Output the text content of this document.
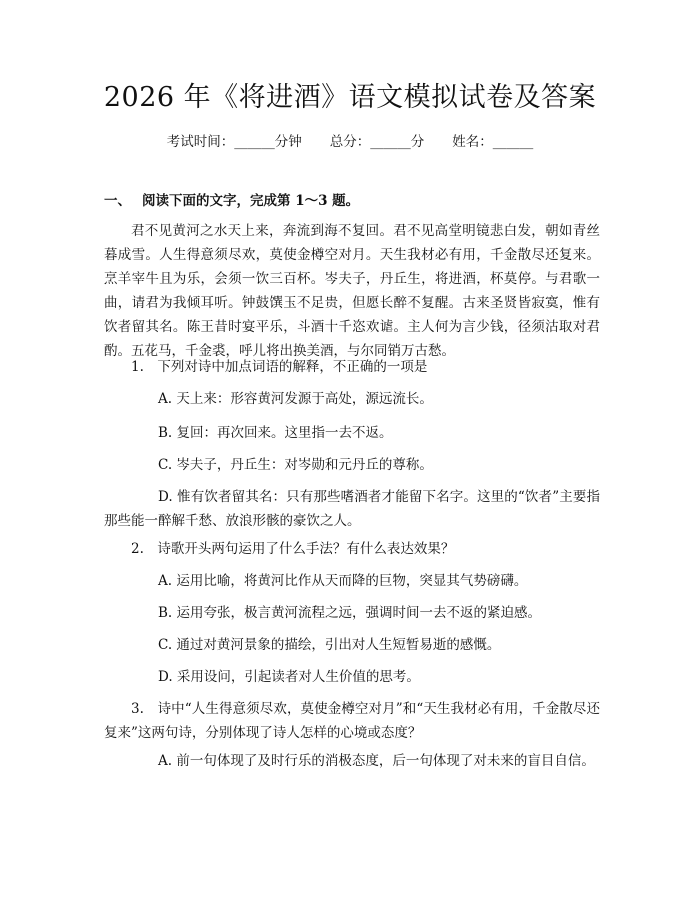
2026 年《将进酒》语文模拟试卷及答案
考试时间：______分钟 总分：______分 姓名：______
一、 阅读下面的文字，完成第 1～3 题。
君不见黄河之水天上来，奔流到海不复回。君不见高堂明镜悲白发，朝如青丝暮成雪。人生得意须尽欢，莫使金樽空对月。天生我材必有用，千金散尽还复来。烹羊宰牛且为乐，会须一饮三百杯。岑夫子，丹丘生，将进酒，杯莫停。与君歌一曲，请君为我倾耳听。钟鼓馔玉不足贵，但愿长醉不复醒。古来圣贤皆寂寞，惟有饮者留其名。陈王昔时宴平乐，斗酒十千恣欢谑。主人何为言少钱，径须沽取对君酌。五花马，千金裘，呼儿将出换美酒，与尔同销万古愁。
1.　下列对诗中加点词语的解释，不正确的一项是
A. 天上来：形容黄河发源于高处，源远流长。
B. 复回：再次回来。这里指一去不返。
C. 岑夫子，丹丘生：对岑勋和元丹丘的尊称。
D. 惟有饮者留其名：只有那些嗜酒者才能留下名字。这里的“饮者”主要指那些能一醉解千愁、放浪形骸的豪饮之人。
2.　诗歌开头两句运用了什么手法？有什么表达效果？
A. 运用比喻，将黄河比作从天而降的巨物，突显其气势磅礴。
B. 运用夸张，极言黄河流程之远，强调时间一去不返的紧迫感。
C. 通过对黄河景象的描绘，引出对人生短暂易逝的感慨。
D. 采用设问，引起读者对人生价值的思考。
3.　诗中“人生得意须尽欢，莫使金樽空对月”和“天生我材必有用，千金散尽还复来”这两句诗，分别体现了诗人怎样的心境或态度？
A. 前一句体现了及时行乐的消极态度，后一句体现了对未来的盲目自信。
